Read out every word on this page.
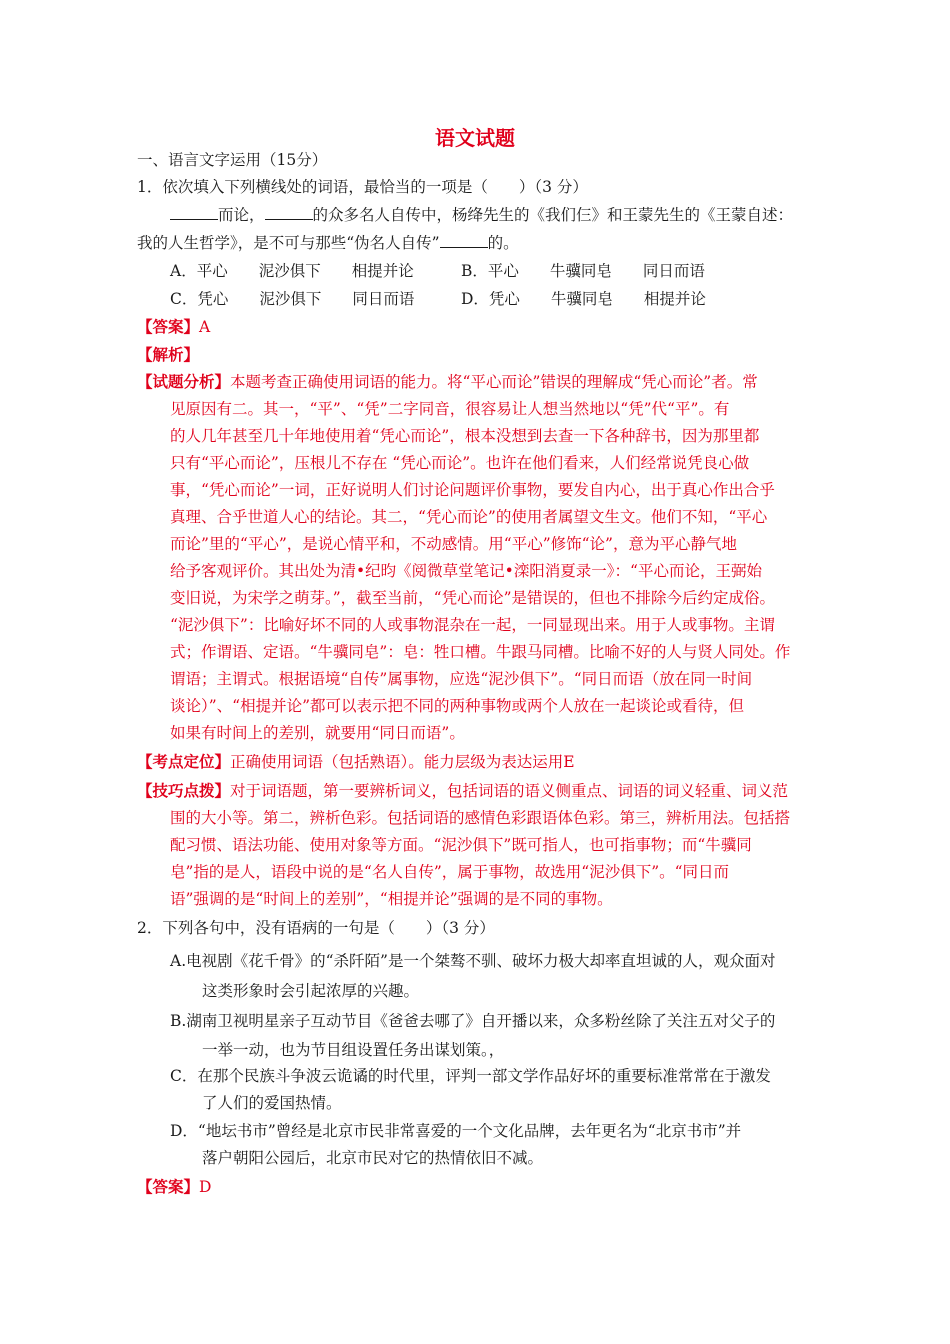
语文试题
一、语言文字运用（15分）
1．依次填入下列横线处的词语，最恰当的一项是（　　）（3 分）
而论，	的众多名人自传中，杨绛先生的《我们仨》和王蒙先生的《王蒙自述：
我的人生哲学》，是不可与那些“伪名人自传”	的。
A．平心　　泥沙俱下　　相提并论	B．平心　　牛骥同皂　　同日而语
C．凭心　　泥沙俱下　　同日而语	D．凭心　　牛骥同皂　　相提并论
【答案】A
【解析】
【试题分析】本题考查正确使用词语的能力。将“平心而论”错误的理解成“凭心而论”者。常
见原因有二。其一，“平”、“凭”二字同音，很容易让人想当然地以“凭”代“平”。有
的人几年甚至几十年地使用着“凭心而论”，根本没想到去查一下各种辞书，因为那里都
只有“平心而论”，压根儿不存在 “凭心而论”。也许在他们看来，人们经常说凭良心做
事，“凭心而论”一词，正好说明人们讨论问题评价事物，要发自内心，出于真心作出合乎
真理、合乎世道人心的结论。其二，“凭心而论”的使用者属望文生文。他们不知，“平心
而论”里的“平心”，是说心情平和，不动感情。用“平心”修饰“论”，意为平心静气地
给予客观评价。其出处为清•纪昀《阅微草堂笔记•滦阳消夏录一》：“平心而论，王弼始
变旧说，为宋学之萌芽。”，截至当前，“凭心而论”是错误的，但也不排除今后约定成俗。
“泥沙俱下”：比喻好坏不同的人或事物混杂在一起，一同显现出来。用于人或事物。主谓
式；作谓语、定语。“牛骥同皂”：皂：牲口槽。牛跟马同槽。比喻不好的人与贤人同处。作
谓语；主谓式。根据语境“自传”属事物，应选“泥沙俱下”。“同日而语（放在同一时间
谈论）”、“相提并论”都可以表示把不同的两种事物或两个人放在一起谈论或看待，但
如果有时间上的差别，就要用“同日而语”。
【考点定位】正确使用词语（包括熟语）。能力层级为表达运用E
【技巧点拨】对于词语题，第一要辨析词义，包括词语的语义侧重点、词语的词义轻重、词义范
围的大小等。第二，辨析色彩。包括词语的感情色彩跟语体色彩。第三，辨析用法。包括搭
配习惯、语法功能、使用对象等方面。“泥沙俱下”既可指人，也可指事物；而“牛骥同
皂”指的是人，语段中说的是“名人自传”，属于事物，故选用“泥沙俱下”。“同日而
语”强调的是“时间上的差别”，“相提并论”强调的是不同的事物。
2．下列各句中，没有语病的一句是（　　）（3 分）
A.电视剧《花千骨》的“杀阡陌”是一个桀骜不驯、破坏力极大却率直坦诚的人，观众面对
这类形象时会引起浓厚的兴趣。
B.湖南卫视明星亲子互动节目《爸爸去哪了》自开播以来，众多粉丝除了关注五对父子的
一举一动，也为节目组设置任务出谋划策。，
C．在那个民族斗争波云诡谲的时代里，评判一部文学作品好坏的重要标准常常在于激发
了人们的爱国热情。
D．“地坛书市”曾经是北京市民非常喜爱的一个文化品牌，去年更名为“北京书市”并
落户朝阳公园后，北京市民对它的热情依旧不减。
【答案】D
